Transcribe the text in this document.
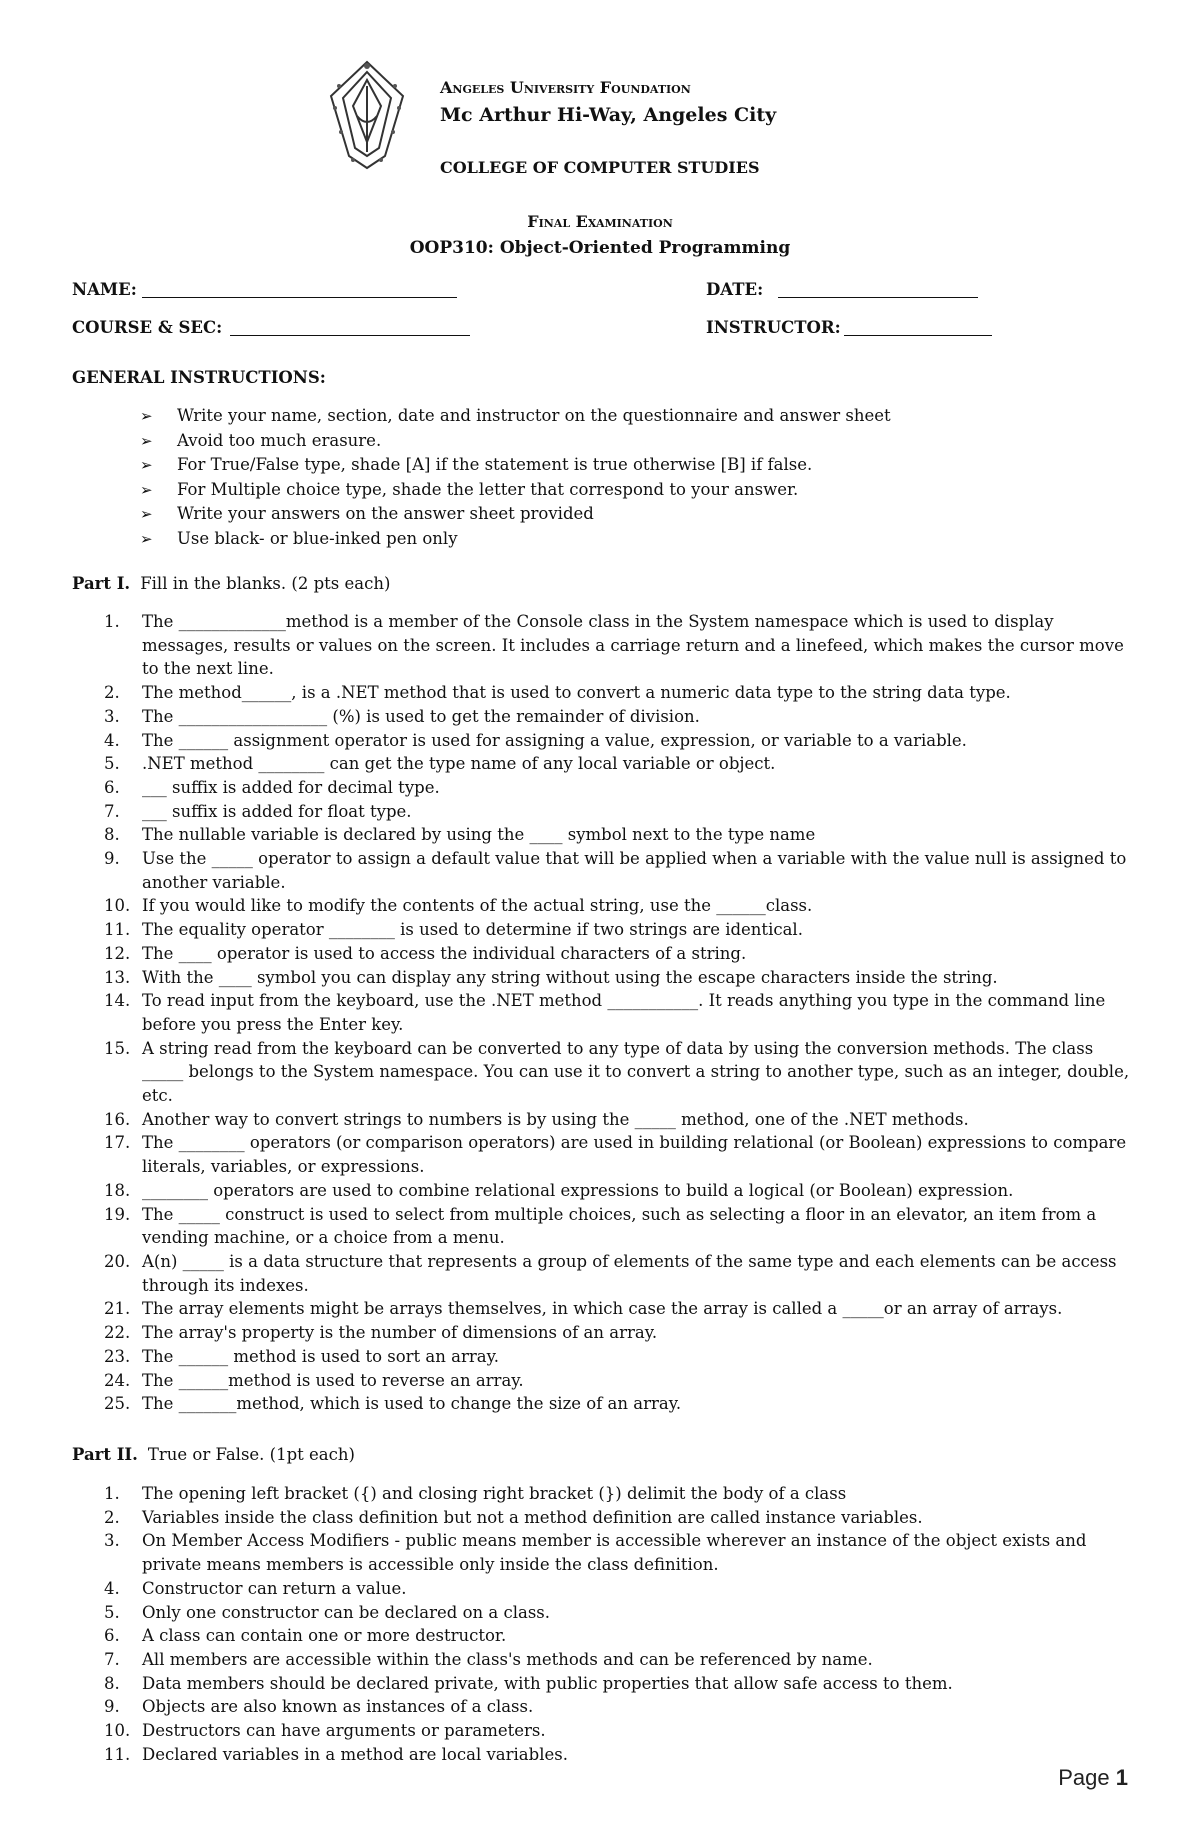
Angeles University Foundation
Mc Arthur Hi-Way, Angeles City
COLLEGE OF COMPUTER STUDIES
Final Examination
OOP310: Object-Oriented Programming
NAME:	DATE:
COURSE & SEC:	INSTRUCTOR:
GENERAL INSTRUCTIONS:
➢	Write your name, section, date and instructor on the questionnaire and answer sheet
➢	Avoid too much erasure.
➢	For True/False type, shade [A] if the statement is true otherwise [B] if false.
➢	For Multiple choice type, shade the letter that correspond to your answer.
➢	Write your answers on the answer sheet provided
➢	Use black- or blue-inked pen only
Part I. Fill in the blanks. (2 pts each)
1.	The _____________method is a member of the Console class in the System namespace which is used to display messages, results or values on the screen. It includes a carriage return and a linefeed, which makes the cursor move to the next line.
2.	The method______, is a .NET method that is used to convert a numeric data type to the string data type.
3.	The __________________ (%) is used to get the remainder of division.
4.	The ______ assignment operator is used for assigning a value, expression, or variable to a variable.
5.	.NET method ________ can get the type name of any local variable or object.
6.	___ suffix is added for decimal type.
7.	___ suffix is added for float type.
8.	The nullable variable is declared by using the ____ symbol next to the type name
9.	Use the _____ operator to assign a default value that will be applied when a variable with the value null is assigned to another variable.
10. If you would like to modify the contents of the actual string, use the ______class.
11. The equality operator ________ is used to determine if two strings are identical.
12. The ____ operator is used to access the individual characters of a string.
13. With the ____ symbol you can display any string without using the escape characters inside the string.
14. To read input from the keyboard, use the .NET method ___________. It reads anything you type in the command line before you press the Enter key.
15. A string read from the keyboard can be converted to any type of data by using the conversion methods. The class _____ belongs to the System namespace. You can use it to convert a string to another type, such as an integer, double, etc.
16. Another way to convert strings to numbers is by using the _____ method, one of the .NET methods.
17. The ________ operators (or comparison operators) are used in building relational (or Boolean) expressions to compare literals, variables, or expressions.
18. ________ operators are used to combine relational expressions to build a logical (or Boolean) expression.
19. The _____ construct is used to select from multiple choices, such as selecting a floor in an elevator, an item from a vending machine, or a choice from a menu.
20. A(n) _____ is a data structure that represents a group of elements of the same type and each elements can be access through its indexes.
21. The array elements might be arrays themselves, in which case the array is called a _____or an array of arrays.
22. The array's property is the number of dimensions of an array.
23. The ______ method is used to sort an array.
24. The ______method is used to reverse an array.
25. The _______method, which is used to change the size of an array.
Part II. True or False. (1pt each)
1.	The opening left bracket ({) and closing right bracket (}) delimit the body of a class
2.	Variables inside the class definition but not a method definition are called instance variables.
3.	On Member Access Modifiers - public means member is accessible wherever an instance of the object exists and private means members is accessible only inside the class definition.
4.	Constructor can return a value.
5.	Only one constructor can be declared on a class.
6.	A class can contain one or more destructor.
7.	All members are accessible within the class's methods and can be referenced by name.
8.	Data members should be declared private, with public properties that allow safe access to them.
9.	Objects are also known as instances of a class.
10. Destructors can have arguments or parameters.
11. Declared variables in a method are local variables.
Page 1
